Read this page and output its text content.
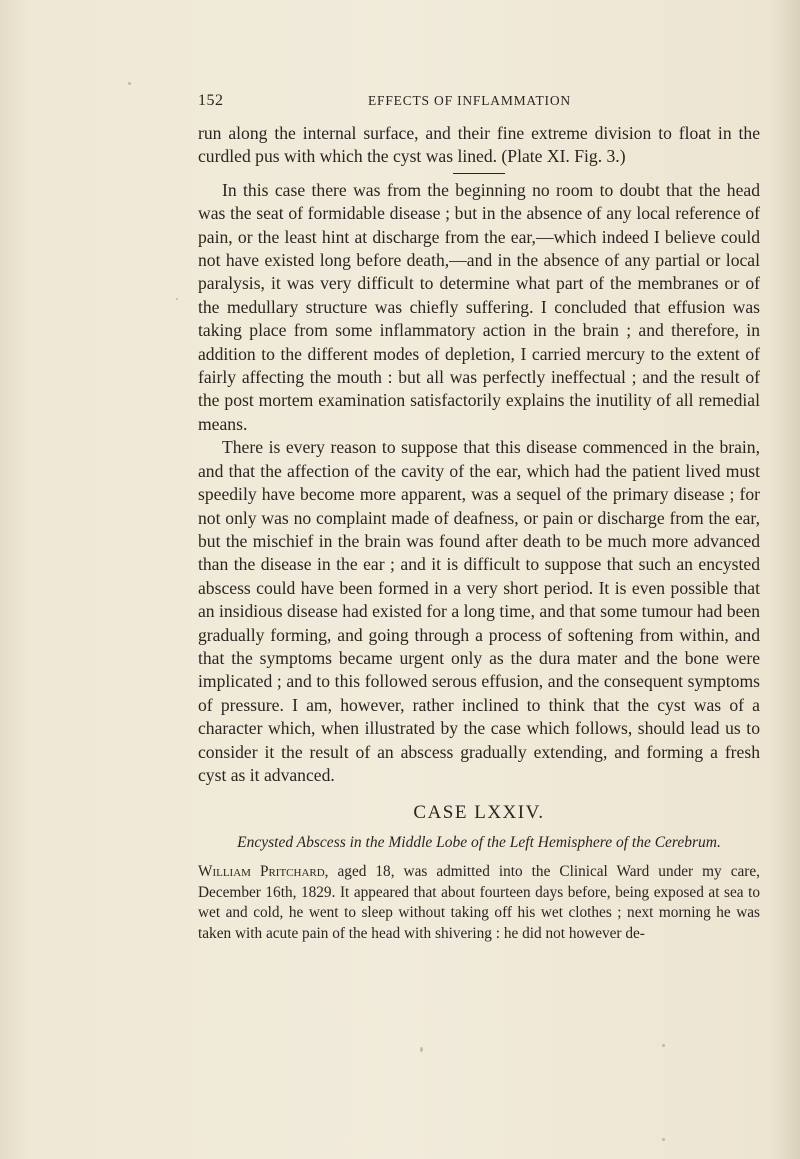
152	EFFECTS OF INFLAMMATION

run along the internal surface, and their fine extreme division to float in the curdled pus with which the cyst was lined. (Plate XI. Fig. 3.)

In this case there was from the beginning no room to doubt that the head was the seat of formidable disease ; but in the absence of any local reference of pain, or the least hint at discharge from the ear,—which indeed I believe could not have existed long before death,—and in the absence of any partial or local paralysis, it was very difficult to determine what part of the membranes or of the medullary structure was chiefly suffering. I concluded that effusion was taking place from some inflammatory action in the brain ; and therefore, in addition to the different modes of depletion, I carried mercury to the extent of fairly affecting the mouth : but all was perfectly ineffectual ; and the result of the post mortem examination satisfactorily explains the inutility of all remedial means.

There is every reason to suppose that this disease commenced in the brain, and that the affection of the cavity of the ear, which had the patient lived must speedily have become more apparent, was a sequel of the primary disease ; for not only was no complaint made of deafness, or pain or discharge from the ear, but the mischief in the brain was found after death to be much more advanced than the disease in the ear ; and it is difficult to suppose that such an encysted abscess could have been formed in a very short period. It is even possible that an insidious disease had existed for a long time, and that some tumour had been gradually forming, and going through a process of softening from within, and that the symptoms became urgent only as the dura mater and the bone were implicated ; and to this followed serous effusion, and the consequent symptoms of pressure. I am, however, rather inclined to think that the cyst was of a character which, when illustrated by the case which follows, should lead us to consider it the result of an abscess gradually extending, and forming a fresh cyst as it advanced.

CASE LXXIV.
Encysted Abscess in the Middle Lobe of the Left Hemisphere of the Cerebrum.

William Pritchard, aged 18, was admitted into the Clinical Ward under my care, December 16th, 1829. It appeared that about fourteen days before, being exposed at sea to wet and cold, he went to sleep without taking off his wet clothes ; next morning he was taken with acute pain of the head with shivering : he did not however de-
